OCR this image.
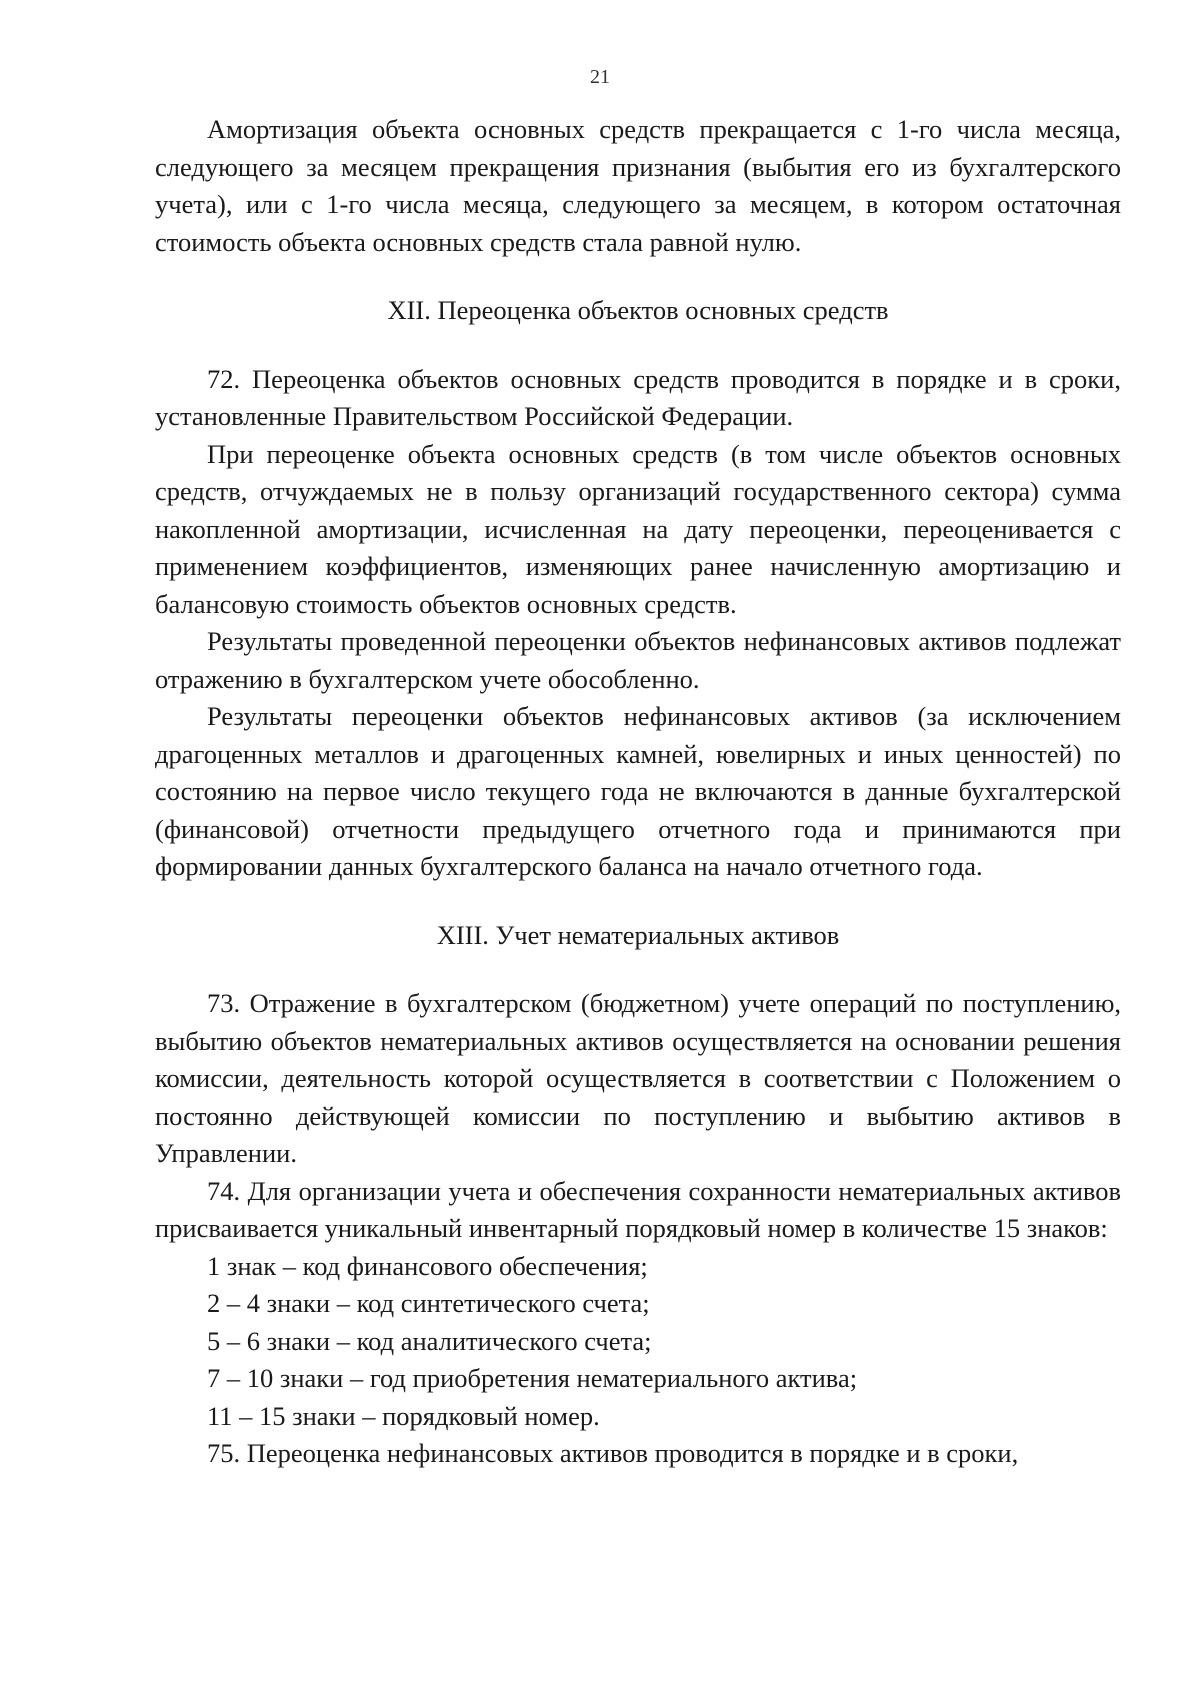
21

Амортизация объекта основных средств прекращается с 1-го числа месяца, следующего за месяцем прекращения признания (выбытия его из бухгалтерского учета), или с 1-го числа месяца, следующего за месяцем, в котором остаточная стоимость объекта основных средств стала равной нулю.

XII. Переоценка объектов основных средств

72. Переоценка объектов основных средств проводится в порядке и в сроки, установленные Правительством Российской Федерации.

При переоценке объекта основных средств (в том числе объектов основных средств, отчуждаемых не в пользу организаций государственного сектора) сумма накопленной амортизации, исчисленная на дату переоценки, переоценивается с применением коэффициентов, изменяющих ранее начисленную амортизацию и балансовую стоимость объектов основных средств.

Результаты проведенной переоценки объектов нефинансовых активов подлежат отражению в бухгалтерском учете обособленно.

Результаты переоценки объектов нефинансовых активов (за исключением драгоценных металлов и драгоценных камней, ювелирных и иных ценностей) по состоянию на первое число текущего года не включаются в данные бухгалтерской (финансовой) отчетности предыдущего отчетного года и принимаются при формировании данных бухгалтерского баланса на начало отчетного года.

XIII. Учет нематериальных активов

73. Отражение в бухгалтерском (бюджетном) учете операций по поступлению, выбытию объектов нематериальных активов осуществляется на основании решения комиссии, деятельность которой осуществляется в соответствии с Положением о постоянно действующей комиссии по поступлению и выбытию активов в Управлении.

74. Для организации учета и обеспечения сохранности нематериальных активов присваивается уникальный инвентарный порядковый номер в количестве 15 знаков:

1 знак – код финансового обеспечения;
2 – 4 знаки – код синтетического счета;
5 – 6 знаки – код аналитического счета;
7 – 10 знаки – год приобретения нематериального актива;
11 – 15 знаки – порядковый номер.

75. Переоценка нефинансовых активов проводится в порядке и в сроки,
